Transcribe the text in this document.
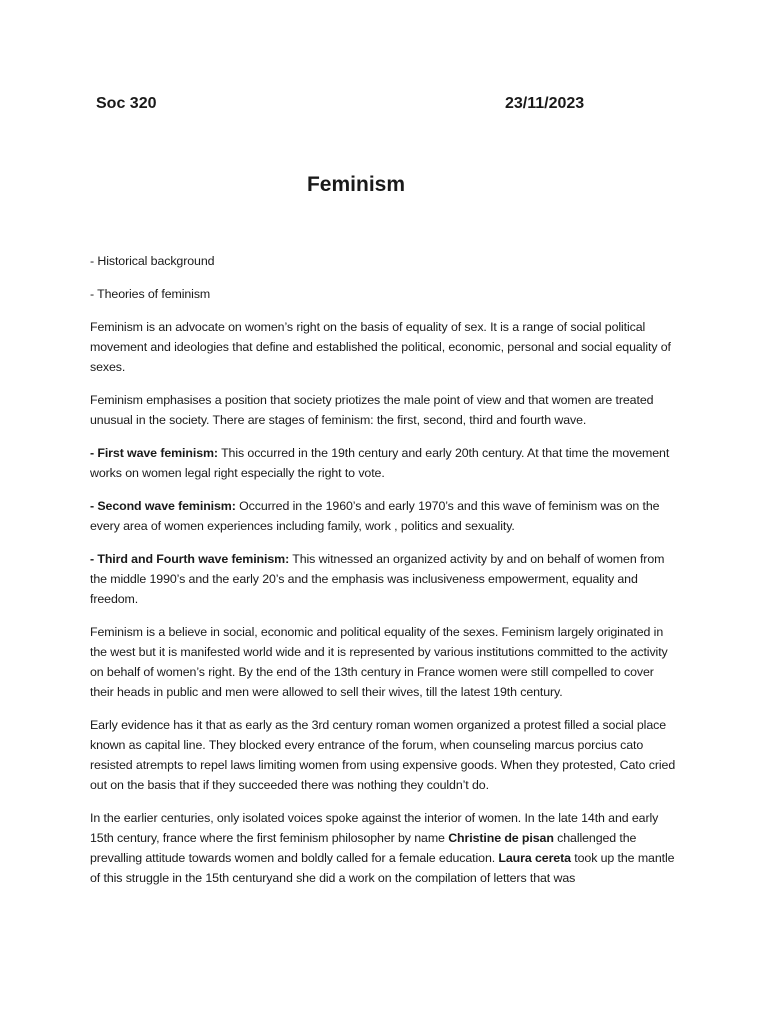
Soc 320	23/11/2023
Feminism

- Historical background

- Theories of feminism

Feminism is an advocate on women’s right on the basis of equality of sex. It is a range of social political movement and ideologies that define and established the political, economic, personal and social equality of sexes.

Feminism emphasises a position that society priotizes the male point of view and that women are treated unusual in the society. There are stages of feminism: the first, second, third and fourth wave.

- First wave feminism: This occurred in the 19th century and early 20th century. At that time the movement works on women legal right especially the right to vote.

- Second wave feminism: Occurred in the 1960’s and early 1970’s and this wave of feminism was on the every area of women experiences including family, work , politics and sexuality.

- Third and Fourth wave feminism: This witnessed an organized activity by and on behalf of women from the middle 1990’s and the early 20’s and the emphasis was inclusiveness empowerment, equality and freedom.

Feminism is a believe in social, economic and political equality of the sexes. Feminism largely originated in the west but it is manifested world wide and it is represented by various institutions committed to the activity on behalf of women’s right. By the end of the 13th century in France women were still compelled to cover their heads in public and men were allowed to sell their wives, till the latest 19th century.

Early evidence has it that as early as the 3rd century roman women organized a protest filled a social place known as capital line. They blocked every entrance of the forum, when counseling marcus porcius cato resisted atrempts to repel laws limiting women from using expensive goods. When they protested, Cato cried out on the basis that if they succeeded there was nothing they couldn’t do.

In the earlier centuries, only isolated voices spoke against the interior of women. In the late 14th and early 15th century, france where the first feminism philosopher by name Christine de pisan challenged the prevalling attitude towards women and boldly called for a female education. Laura cereta took up the mantle of this struggle in the 15th centuryand she did a work on the compilation of letters that was
